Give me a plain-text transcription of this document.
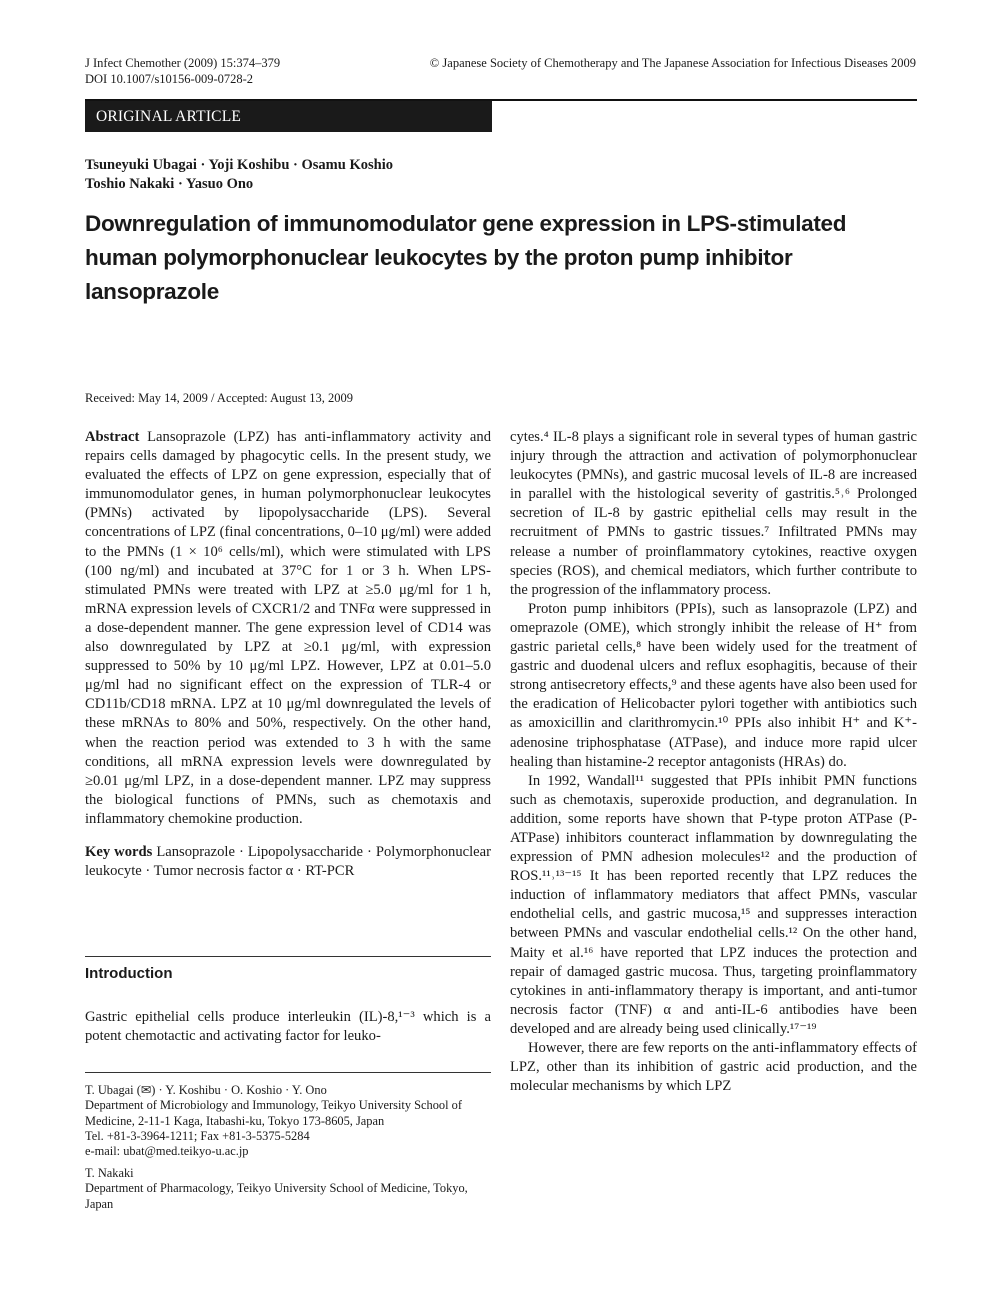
J Infect Chemother (2009) 15:374–379
DOI 10.1007/s10156-009-0728-2
© Japanese Society of Chemotherapy and The Japanese Association for Infectious Diseases 2009
ORIGINAL ARTICLE
Tsuneyuki Ubagai · Yoji Koshibu · Osamu Koshio
Toshio Nakaki · Yasuo Ono
Downregulation of immunomodulator gene expression in LPS-stimulated
human polymorphonuclear leukocytes by the proton pump inhibitor
lansoprazole
Received: May 14, 2009 / Accepted: August 13, 2009

Abstract Lansoprazole (LPZ) has anti-inflammatory activity and repairs cells damaged by phagocytic cells. In the present study, we evaluated the effects of LPZ on gene expression, especially that of immunomodulator genes, in human polymorphonuclear leukocytes (PMNs) activated by lipopolysaccharide (LPS). Several concentrations of LPZ (final concentrations, 0–10 μg/ml) were added to the PMNs (1 × 10⁶ cells/ml), which were stimulated with LPS (100 ng/ml) and incubated at 37°C for 1 or 3 h. When LPS-stimulated PMNs were treated with LPZ at ≥5.0 μg/ml for 1 h, mRNA expression levels of CXCR1/2 and TNFα were suppressed in a dose-dependent manner. The gene expression level of CD14 was also downregulated by LPZ at ≥0.1 μg/ml, with expression suppressed to 50% by 10 μg/ml LPZ. However, LPZ at 0.01–5.0 μg/ml had no significant effect on the expression of TLR-4 or CD11b/CD18 mRNA. LPZ at 10 μg/ml downregulated the levels of these mRNAs to 80% and 50%, respectively. On the other hand, when the reaction period was extended to 3 h with the same conditions, all mRNA expression levels were downregulated by ≥0.01 μg/ml LPZ, in a dose-dependent manner. LPZ may suppress the biological functions of PMNs, such as chemotaxis and inflammatory chemokine production.

Key words Lansoprazole · Lipopolysaccharide · Polymorphonuclear leukocyte · Tumor necrosis factor α · RT-PCR

Introduction
Gastric epithelial cells produce interleukin (IL)-8,¹⁻³ which is a potent chemotactic and activating factor for leuko-
T. Ubagai (✉) · Y. Koshibu · O. Koshio · Y. Ono
Department of Microbiology and Immunology, Teikyo University School of Medicine, 2-11-1 Kaga, Itabashi-ku, Tokyo 173-8605, Japan
Tel. +81-3-3964-1211; Fax +81-3-5375-5284
e-mail: ubat@med.teikyo-u.ac.jp
T. Nakaki
Department of Pharmacology, Teikyo University School of Medicine, Tokyo, Japan

cytes.⁴ IL-8 plays a significant role in several types of human gastric injury through the attraction and activation of polymorphonuclear leukocytes (PMNs), and gastric mucosal levels of IL-8 are increased in parallel with the histological severity of gastritis.⁵˒⁶ Prolonged secretion of IL-8 by gastric epithelial cells may result in the recruitment of PMNs to gastric tissues.⁷ Infiltrated PMNs may release a number of proinflammatory cytokines, reactive oxygen species (ROS), and chemical mediators, which further contribute to the progression of the inflammatory process.

Proton pump inhibitors (PPIs), such as lansoprazole (LPZ) and omeprazole (OME), which strongly inhibit the release of H⁺ from gastric parietal cells,⁸ have been widely used for the treatment of gastric and duodenal ulcers and reflux esophagitis, because of their strong antisecretory effects,⁹ and these agents have also been used for the eradication of Helicobacter pylori together with antibiotics such as amoxicillin and clarithromycin.¹⁰ PPIs also inhibit H⁺ and K⁺-adenosine triphosphatase (ATPase), and induce more rapid ulcer healing than histamine-2 receptor antagonists (HRAs) do.

In 1992, Wandall¹¹ suggested that PPIs inhibit PMN functions such as chemotaxis, superoxide production, and degranulation. In addition, some reports have shown that P-type proton ATPase (P-ATPase) inhibitors counteract inflammation by downregulating the expression of PMN adhesion molecules¹² and the production of ROS.¹¹˒¹³⁻¹⁵ It has been reported recently that LPZ reduces the induction of inflammatory mediators that affect PMNs, vascular endothelial cells, and gastric mucosa,¹⁵ and suppresses interaction between PMNs and vascular endothelial cells.¹² On the other hand, Maity et al.¹⁶ have reported that LPZ induces the protection and repair of damaged gastric mucosa. Thus, targeting proinflammatory cytokines in anti-inflammatory therapy is important, and anti-tumor necrosis factor (TNF) α and anti-IL-6 antibodies have been developed and are already being used clinically.¹⁷⁻¹⁹

However, there are few reports on the anti-inflammatory effects of LPZ, other than its inhibition of gastric acid production, and the molecular mechanisms by which LPZ
